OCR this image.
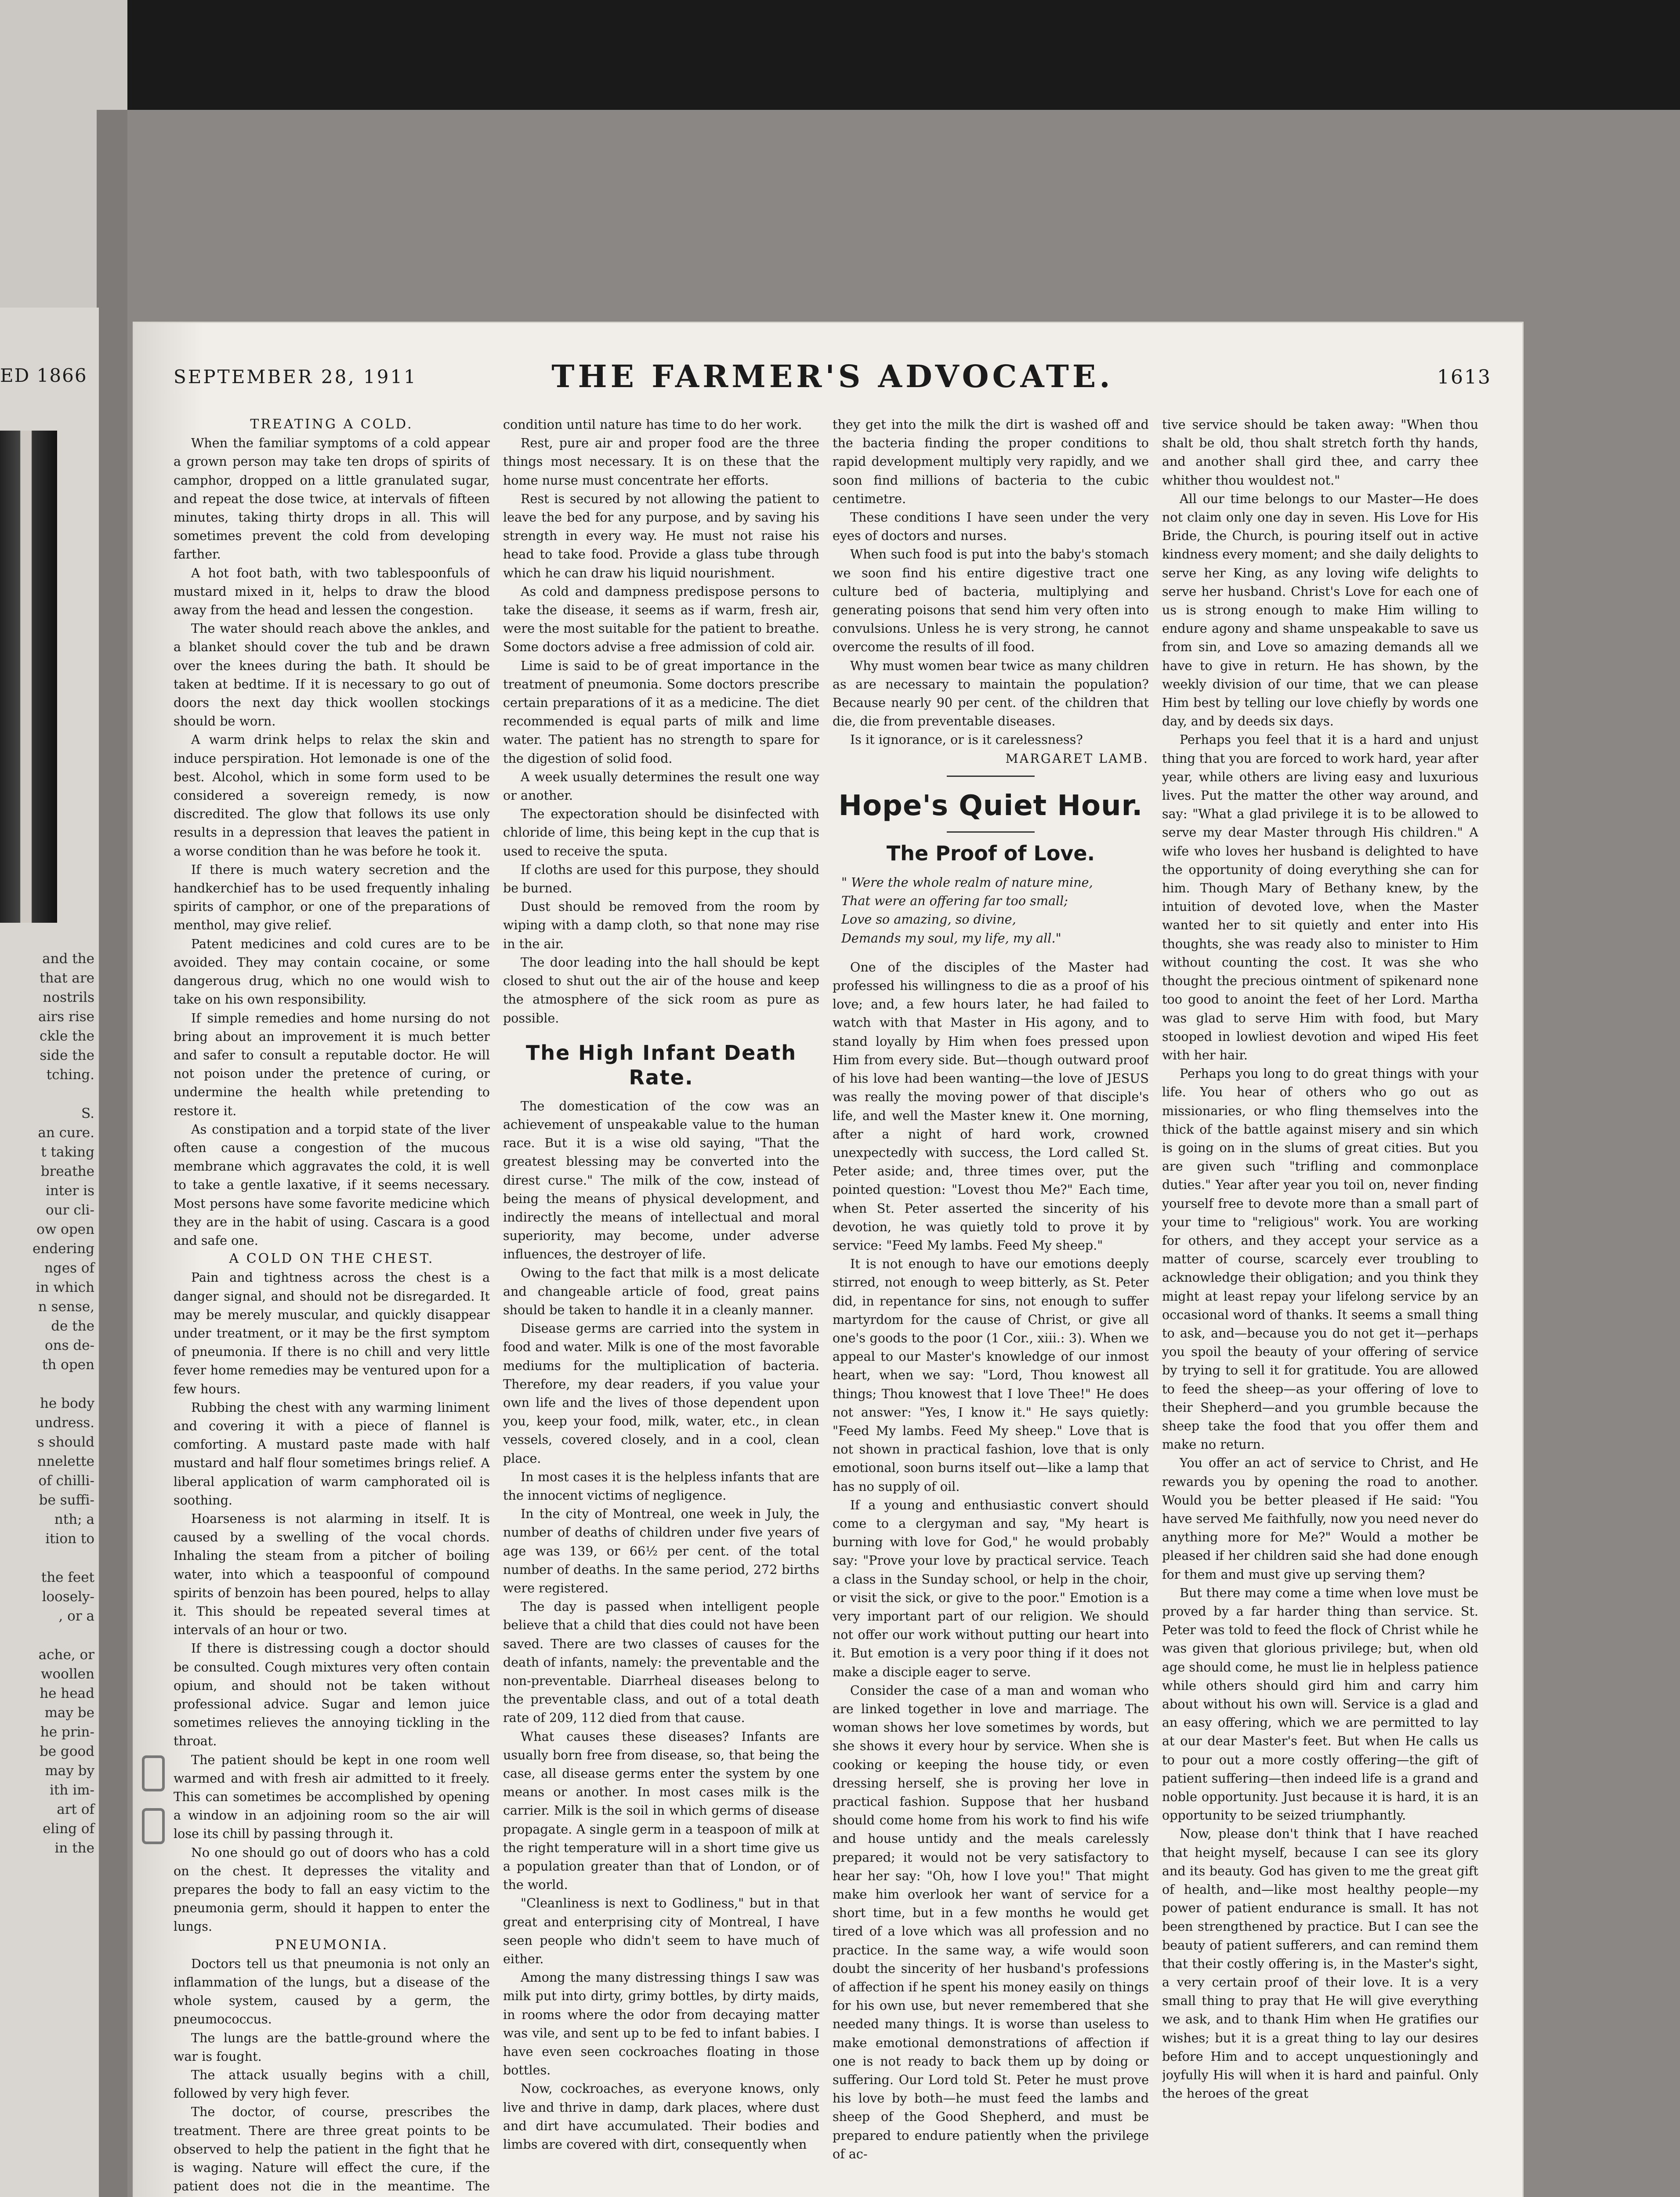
ED 1866
and the
that are
nostrils
airs rise
ckle the
side the
tching.

S.
an cure.
t taking
breathe
inter is
our cli-
ow open
endering
nges of
in which
n sense,
de the
ons de-
th open

he body
undress.
s should
nnelette
of chilli-
be suffi-
nth; a
ition to

the feet
loosely-
, or a

ache, or
woollen
he head
may be
he prin-
be good
may by
ith im-
art of
eling of
in the
SEPTEMBER 28, 1911	THE FARMER'S ADVOCATE.	1613

TREATING A COLD.

When the familiar symptoms of a cold appear a grown person may take ten drops of spirits of camphor, dropped on a little granulated sugar, and repeat the dose twice, at intervals of fifteen minutes, taking thirty drops in all. This will sometimes prevent the cold from developing farther.

A hot foot bath, with two tablespoonfuls of mustard mixed in it, helps to draw the blood away from the head and lessen the congestion.

The water should reach above the ankles, and a blanket should cover the tub and be drawn over the knees during the bath. It should be taken at bedtime. If it is necessary to go out of doors the next day thick woollen stockings should be worn.

A warm drink helps to relax the skin and induce perspiration. Hot lemonade is one of the best. Alcohol, which in some form used to be considered a sovereign remedy, is now discredited. The glow that follows its use only results in a depression that leaves the patient in a worse condition than he was before he took it.

If there is much watery secretion and the handkerchief has to be used frequently inhaling spirits of camphor, or one of the preparations of menthol, may give relief.

Patent medicines and cold cures are to be avoided. They may contain cocaine, or some dangerous drug, which no one would wish to take on his own responsibility.

If simple remedies and home nursing do not bring about an improvement it is much better and safer to consult a reputable doctor. He will not poison under the pretence of curing, or undermine the health while pretending to restore it.

As constipation and a torpid state of the liver often cause a congestion of the mucous membrane which aggravates the cold, it is well to take a gentle laxative, if it seems necessary. Most persons have some favorite medicine which they are in the habit of using. Cascara is a good and safe one.

A COLD ON THE CHEST.

Pain and tightness across the chest is a danger signal, and should not be disregarded. It may be merely muscular, and quickly disappear under treatment, or it may be the first symptom of pneumonia. If there is no chill and very little fever home remedies may be ventured upon for a few hours.

Rubbing the chest with any warming liniment and covering it with a piece of flannel is comforting. A mustard paste made with half mustard and half flour sometimes brings relief. A liberal application of warm camphorated oil is soothing.

Hoarseness is not alarming in itself. It is caused by a swelling of the vocal chords. Inhaling the steam from a pitcher of boiling water, into which a teaspoonful of compound spirits of benzoin has been poured, helps to allay it. This should be repeated several times at intervals of an hour or two.

If there is distressing cough a doctor should be consulted. Cough mixtures very often contain opium, and should not be taken without professional advice. Sugar and lemon juice sometimes relieves the annoying tickling in the throat.

The patient should be kept in one room well warmed and with fresh air admitted to it freely. This can sometimes be accomplished by opening a window in an adjoining room so the air will lose its chill by passing through it.

No one should go out of doors who has a cold on the chest. It depresses the vitality and prepares the body to fall an easy victim to the pneumonia germ, should it happen to enter the lungs.

PNEUMONIA.

Doctors tell us that pneumonia is not only an inflammation of the lungs, but a disease of the whole system, caused by a germ, the pneumococcus.

The lungs are the battle-ground where the war is fought.

The attack usually begins with a chill, followed by very high fever.

The doctor, of course, prescribes the treatment. There are three great points to be observed to help the patient in the fight that he is waging. Nature will effect the cure, if the patient does not die in the meantime. The

condition until nature has time to do her work.

Rest, pure air and proper food are the three things most necessary. It is on these that the home nurse must concentrate her efforts.

Rest is secured by not allowing the patient to leave the bed for any purpose, and by saving his strength in every way. He must not raise his head to take food. Provide a glass tube through which he can draw his liquid nourishment.

As cold and dampness predispose persons to take the disease, it seems as if warm, fresh air, were the most suitable for the patient to breathe. Some doctors advise a free admission of cold air.

Lime is said to be of great importance in the treatment of pneumonia. Some doctors prescribe certain preparations of it as a medicine. The diet recommended is equal parts of milk and lime water. The patient has no strength to spare for the digestion of solid food.

A week usually determines the result one way or another.

The expectoration should be disinfected with chloride of lime, this being kept in the cup that is used to receive the sputa.

If cloths are used for this purpose, they should be burned.

Dust should be removed from the room by wiping with a damp cloth, so that none may rise in the air.

The door leading into the hall should be kept closed to shut out the air of the house and keep the atmosphere of the sick room as pure as possible.

The High Infant Death Rate.

The domestication of the cow was an achievement of unspeakable value to the human race. But it is a wise old saying, "That the greatest blessing may be converted into the direst curse." The milk of the cow, instead of being the means of physical development, and indirectly the means of intellectual and moral superiority, may become, under adverse influences, the destroyer of life.

Owing to the fact that milk is a most delicate and changeable article of food, great pains should be taken to handle it in a cleanly manner.

Disease germs are carried into the system in food and water. Milk is one of the most favorable mediums for the multiplication of bacteria. Therefore, my dear readers, if you value your own life and the lives of those dependent upon you, keep your food, milk, water, etc., in clean vessels, covered closely, and in a cool, clean place.

In most cases it is the helpless infants that are the innocent victims of negligence.

In the city of Montreal, one week in July, the number of deaths of children under five years of age was 139, or 66½ per cent. of the total number of deaths. In the same period, 272 births were registered.

The day is passed when intelligent people believe that a child that dies could not have been saved. There are two classes of causes for the death of infants, namely: the preventable and the non-preventable. Diarrheal diseases belong to the preventable class, and out of a total death rate of 209, 112 died from that cause.

What causes these diseases? Infants are usually born free from disease, so, that being the case, all disease germs enter the system by one means or another. In most cases milk is the carrier. Milk is the soil in which germs of disease propagate. A single germ in a teaspoon of milk at the right temperature will in a short time give us a population greater than that of London, or of the world.

"Cleanliness is next to Godliness," but in that great and enterprising city of Montreal, I have seen people who didn't seem to have much of either.

Among the many distressing things I saw was milk put into dirty, grimy bottles, by dirty maids, in rooms where the odor from decaying matter was vile, and sent up to be fed to infant babies. I have even seen cockroaches floating in those bottles.

Now, cockroaches, as everyone knows, only live and thrive in damp, dark places, where dust and dirt have accumulated. Their bodies and limbs are covered with dirt, consequently when

they get into the milk the dirt is washed off and the bacteria finding the proper conditions to rapid development multiply very rapidly, and we soon find millions of bacteria to the cubic centimetre.

These conditions I have seen under the very eyes of doctors and nurses.

When such food is put into the baby's stomach we soon find his entire digestive tract one culture bed of bacteria, multiplying and generating poisons that send him very often into convulsions. Unless he is very strong, he cannot overcome the results of ill food.

Why must women bear twice as many children as are necessary to maintain the population? Because nearly 90 per cent. of the children that die, die from preventable diseases.

Is it ignorance, or is it carelessness?

MARGARET LAMB.

Hope's Quiet Hour.
The Proof of Love.
" Were the whole realm of nature mine,
That were an offering far too small;
Love so amazing, so divine,
Demands my soul, my life, my all."

One of the disciples of the Master had professed his willingness to die as a proof of his love; and, a few hours later, he had failed to watch with that Master in His agony, and to stand loyally by Him when foes pressed upon Him from every side. But—though outward proof of his love had been wanting—the love of JESUS was really the moving power of that disciple's life, and well the Master knew it. One morning, after a night of hard work, crowned unexpectedly with success, the Lord called St. Peter aside; and, three times over, put the pointed question: "Lovest thou Me?" Each time, when St. Peter asserted the sincerity of his devotion, he was quietly told to prove it by service: "Feed My lambs. Feed My sheep."

It is not enough to have our emotions deeply stirred, not enough to weep bitterly, as St. Peter did, in repentance for sins, not enough to suffer martyrdom for the cause of Christ, or give all one's goods to the poor (1 Cor., xiii.: 3). When we appeal to our Master's knowledge of our inmost heart, when we say: "Lord, Thou knowest all things; Thou knowest that I love Thee!" He does not answer: "Yes, I know it." He says quietly: "Feed My lambs. Feed My sheep." Love that is not shown in practical fashion, love that is only emotional, soon burns itself out—like a lamp that has no supply of oil.

If a young and enthusiastic convert should come to a clergyman and say, "My heart is burning with love for God," he would probably say: "Prove your love by practical service. Teach a class in the Sunday school, or help in the choir, or visit the sick, or give to the poor." Emotion is a very important part of our religion. We should not offer our work without putting our heart into it. But emotion is a very poor thing if it does not make a disciple eager to serve.

Consider the case of a man and woman who are linked together in love and marriage. The woman shows her love sometimes by words, but she shows it every hour by service. When she is cooking or keeping the house tidy, or even dressing herself, she is proving her love in practical fashion. Suppose that her husband should come home from his work to find his wife and house untidy and the meals carelessly prepared; it would not be very satisfactory to hear her say: "Oh, how I love you!" That might make him overlook her want of service for a short time, but in a few months he would get tired of a love which was all profession and no practice. In the same way, a wife would soon doubt the sincerity of her husband's professions of affection if he spent his money easily on things for his own use, but never remembered that she needed many things. It is worse than useless to make emotional demonstrations of affection if one is not ready to back them up by doing or suffering. Our Lord told St. Peter he must prove his love by both—he must feed the lambs and sheep of the Good Shepherd, and must be prepared to endure patiently when the privilege of ac-

tive service should be taken away: "When thou shalt be old, thou shalt stretch forth thy hands, and another shall gird thee, and carry thee whither thou wouldest not."

All our time belongs to our Master—He does not claim only one day in seven. His Love for His Bride, the Church, is pouring itself out in active kindness every moment; and she daily delights to serve her King, as any loving wife delights to serve her husband. Christ's Love for each one of us is strong enough to make Him willing to endure agony and shame unspeakable to save us from sin, and Love so amazing demands all we have to give in return. He has shown, by the weekly division of our time, that we can please Him best by telling our love chiefly by words one day, and by deeds six days.

Perhaps you feel that it is a hard and unjust thing that you are forced to work hard, year after year, while others are living easy and luxurious lives. Put the matter the other way around, and say: "What a glad privilege it is to be allowed to serve my dear Master through His children." A wife who loves her husband is delighted to have the opportunity of doing everything she can for him. Though Mary of Bethany knew, by the intuition of devoted love, when the Master wanted her to sit quietly and enter into His thoughts, she was ready also to minister to Him without counting the cost. It was she who thought the precious ointment of spikenard none too good to anoint the feet of her Lord. Martha was glad to serve Him with food, but Mary stooped in lowliest devotion and wiped His feet with her hair.

Perhaps you long to do great things with your life. You hear of others who go out as missionaries, or who fling themselves into the thick of the battle against misery and sin which is going on in the slums of great cities. But you are given such "trifling and commonplace duties." Year after year you toil on, never finding yourself free to devote more than a small part of your time to "religious" work. You are working for others, and they accept your service as a matter of course, scarcely ever troubling to acknowledge their obligation; and you think they might at least repay your lifelong service by an occasional word of thanks. It seems a small thing to ask, and—because you do not get it—perhaps you spoil the beauty of your offering of service by trying to sell it for gratitude. You are allowed to feed the sheep—as your offering of love to their Shepherd—and you grumble because the sheep take the food that you offer them and make no return.

You offer an act of service to Christ, and He rewards you by opening the road to another. Would you be better pleased if He said: "You have served Me faithfully, now you need never do anything more for Me?" Would a mother be pleased if her children said she had done enough for them and must give up serving them?

But there may come a time when love must be proved by a far harder thing than service. St. Peter was told to feed the flock of Christ while he was given that glorious privilege; but, when old age should come, he must lie in helpless patience while others should gird him and carry him about without his own will. Service is a glad and an easy offering, which we are permitted to lay at our dear Master's feet. But when He calls us to pour out a more costly offering—the gift of patient suffering—then indeed life is a grand and noble opportunity. Just because it is hard, it is an opportunity to be seized triumphantly.

Now, please don't think that I have reached that height myself, because I can see its glory and its beauty. God has given to me the great gift of health, and—like most healthy people—my power of patient endurance is small. It has not been strengthened by practice. But I can see the beauty of patient sufferers, and can remind them that their costly offering is, in the Master's sight, a very certain proof of their love. It is a very small thing to pray that He will give everything we ask, and to thank Him when He gratifies our wishes; but it is a great thing to lay our desires before Him and to accept unquestioningly and joyfully His will when it is hard and painful. Only the heroes of the great
